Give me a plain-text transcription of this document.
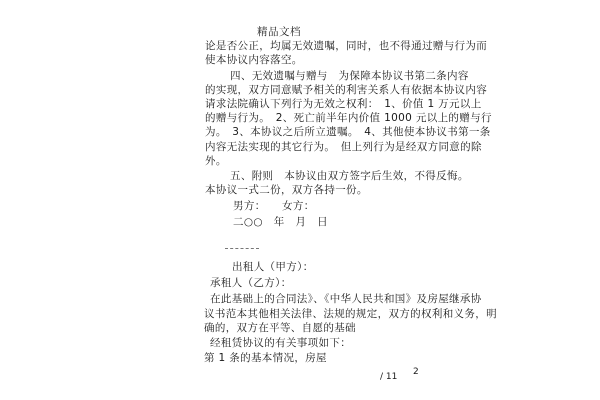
精品文档
论是否公正，均属无效遗嘱，同时，也不得通过赠与行为而
使本协议内容落空。
四、无效遗嘱与赠与　为保障本协议书第二条内容
的实现，双方同意赋予相关的利害关系人有依据本协议内容
请求法院确认下列行为无效之权利：　1、价值 1 万元以上
的赠与行为。　2、死亡前半年内价值 1000 元以上的赠与行
为。　3、本协议之后所立遗嘱。　4、其他使本协议书第一条
内容无法实现的其它行为。　但上列行为是经双方同意的除
外。
五、附则　本协议由双方签字后生效，不得反悔。
本协议一式二份，双方各持一份。
男方：　　女方：
二○○　年　月　日
出租人（甲方）：
承租人（乙方）：
在此基础上的合同法》、《中华人民共和国》及房屋继承协
议书范本其他相关法律、法规的规定，双方的权利和义务，明
确的，双方在平等、自愿的基础
经租赁协议的有关事项如下：
第 1 条的基本情况，房屋
/ 11 2
